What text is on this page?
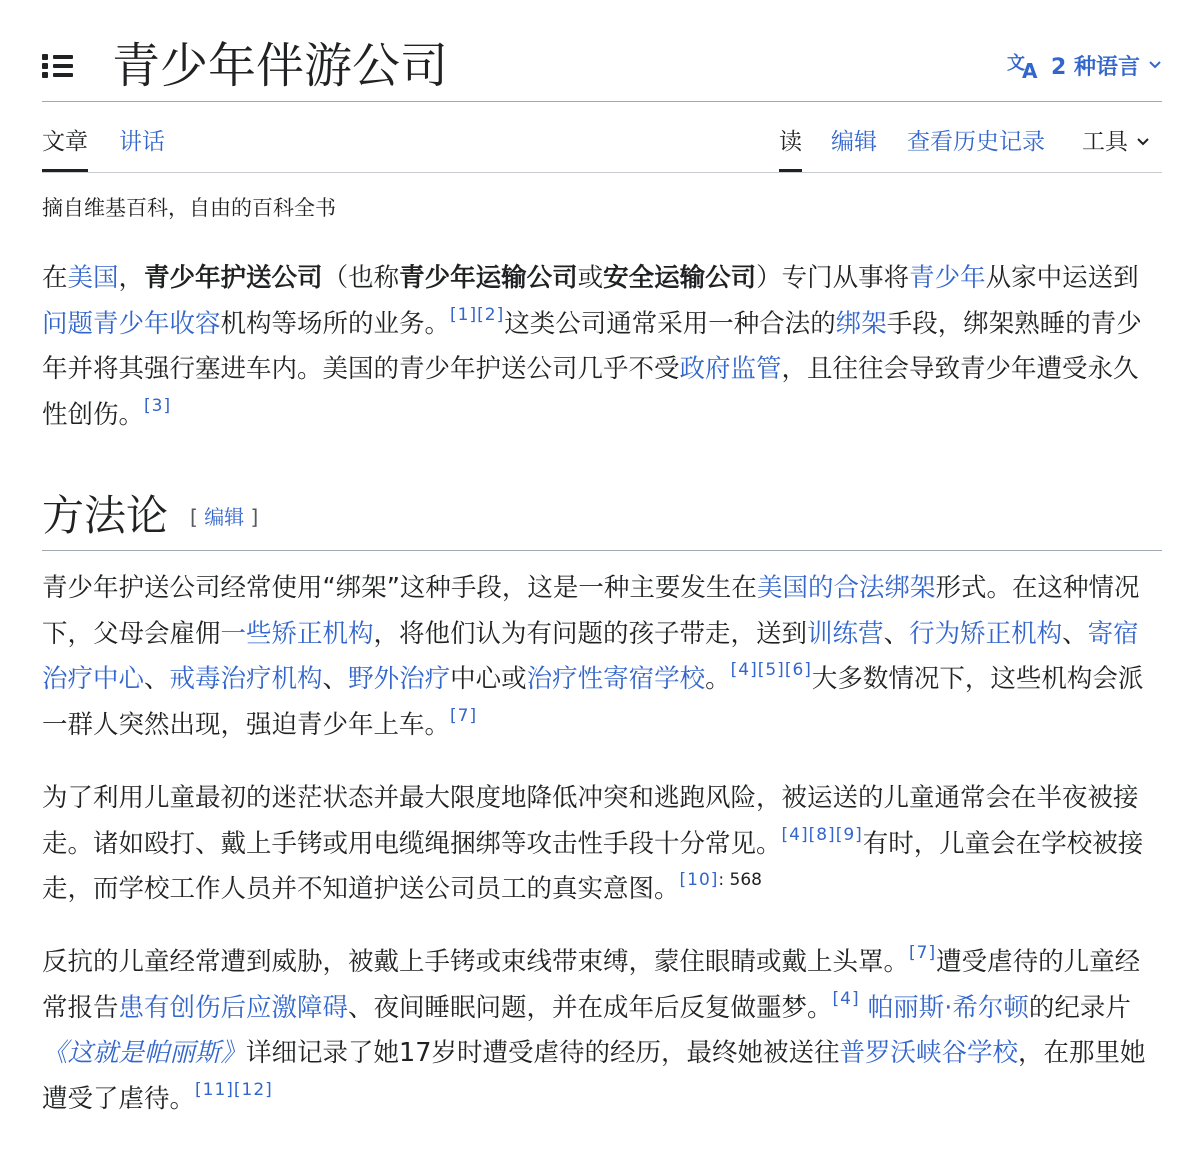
青少年伴游公司	文
A 2 种语言
文章 讲话	读 编辑 查看历史记录 工具
摘自维基百科，自由的百科全书

在美国，青少年护送公司（也称青少年运输公司或安全运输公司）专门从事将青少年从家中运送到问题青少年收容机构等场所的业务。[1][2]这类公司通常采用一种合法的绑架手段，绑架熟睡的青少年并将其强行塞进车内。美国的青少年护送公司几乎不受政府监管，且往往会导致青少年遭受永久性创伤。[3]

方法论 [ 编辑 ]

青少年护送公司经常使用“绑架”这种手段，这是一种主要发生在美国的合法绑架形式。在这种情况下，父母会雇佣一些矫正机构，将他们认为有问题的孩子带走，送到训练营、行为矫正机构、寄宿治疗中心、戒毒治疗机构、野外治疗中心或治疗性寄宿学校。[4][5][6]大多数情况下，这些机构会派一群人突然出现，强迫青少年上车。[7]

为了利用儿童最初的迷茫状态并最大限度地降低冲突和逃跑风险，被运送的儿童通常会在半夜被接走。诸如殴打、戴上手铐或用电缆绳捆绑等攻击性手段十分常见。[4][8][9]有时，儿童会在学校被接走，而学校工作人员并不知道护送公司员工的真实意图。$^{[10]: 568}$

反抗的儿童经常遭到威胁，被戴上手铐或束线带束缚，蒙住眼睛或戴上头罩。[7]遭受虐待的儿童经常报告患有创伤后应激障碍、夜间睡眠问题，并在成年后反复做噩梦。[4] 帕丽斯·希尔顿的纪录片《这就是帕丽斯》详细记录了她17岁时遭受虐待的经历，最终她被送往普罗沃峡谷学校，在那里她遭受了虐待。[11][12]
